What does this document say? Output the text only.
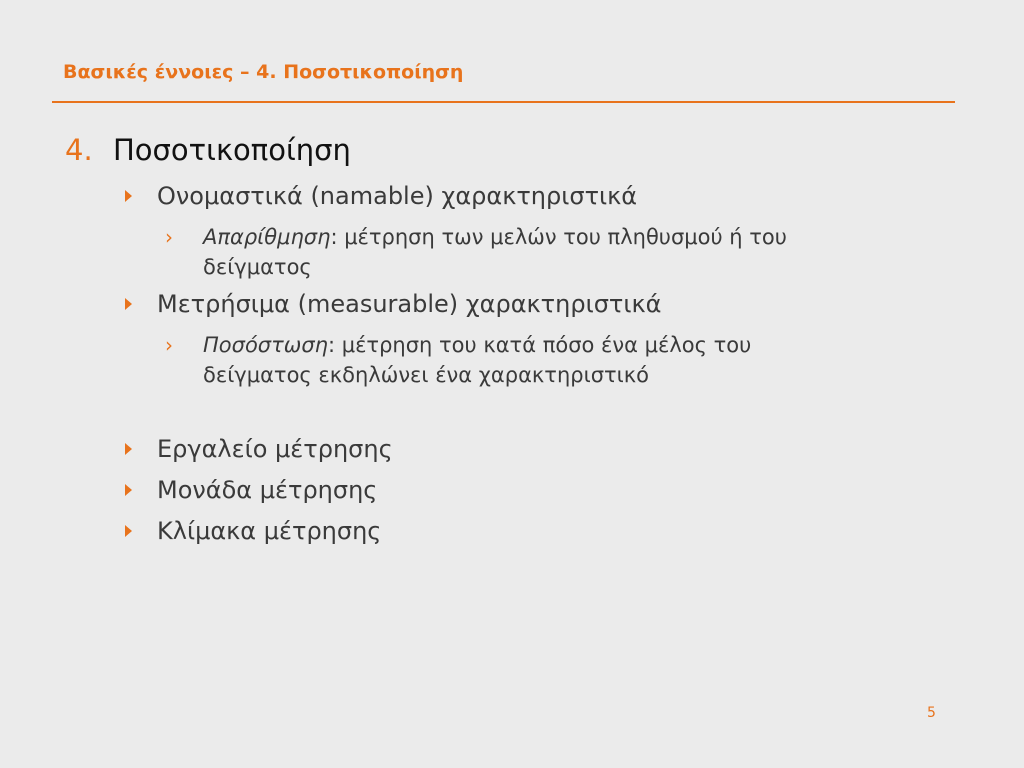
Βασικές έννοιες – 4. Ποσοτικοποίηση
4. Ποσοτικοποίηση
Ονομαστικά (namable) χαρακτηριστικά
› Απαρίθμηση: μέτρηση των μελών του πληθυσμού ή του
δείγματος
Μετρήσιμα (measurable) χαρακτηριστικά
› Ποσόστωση: μέτρηση του κατά πόσο ένα μέλος του
δείγματος εκδηλώνει ένα χαρακτηριστικό
Εργαλείο μέτρησης
Μονάδα μέτρησης
Κλίμακα μέτρησης
5
